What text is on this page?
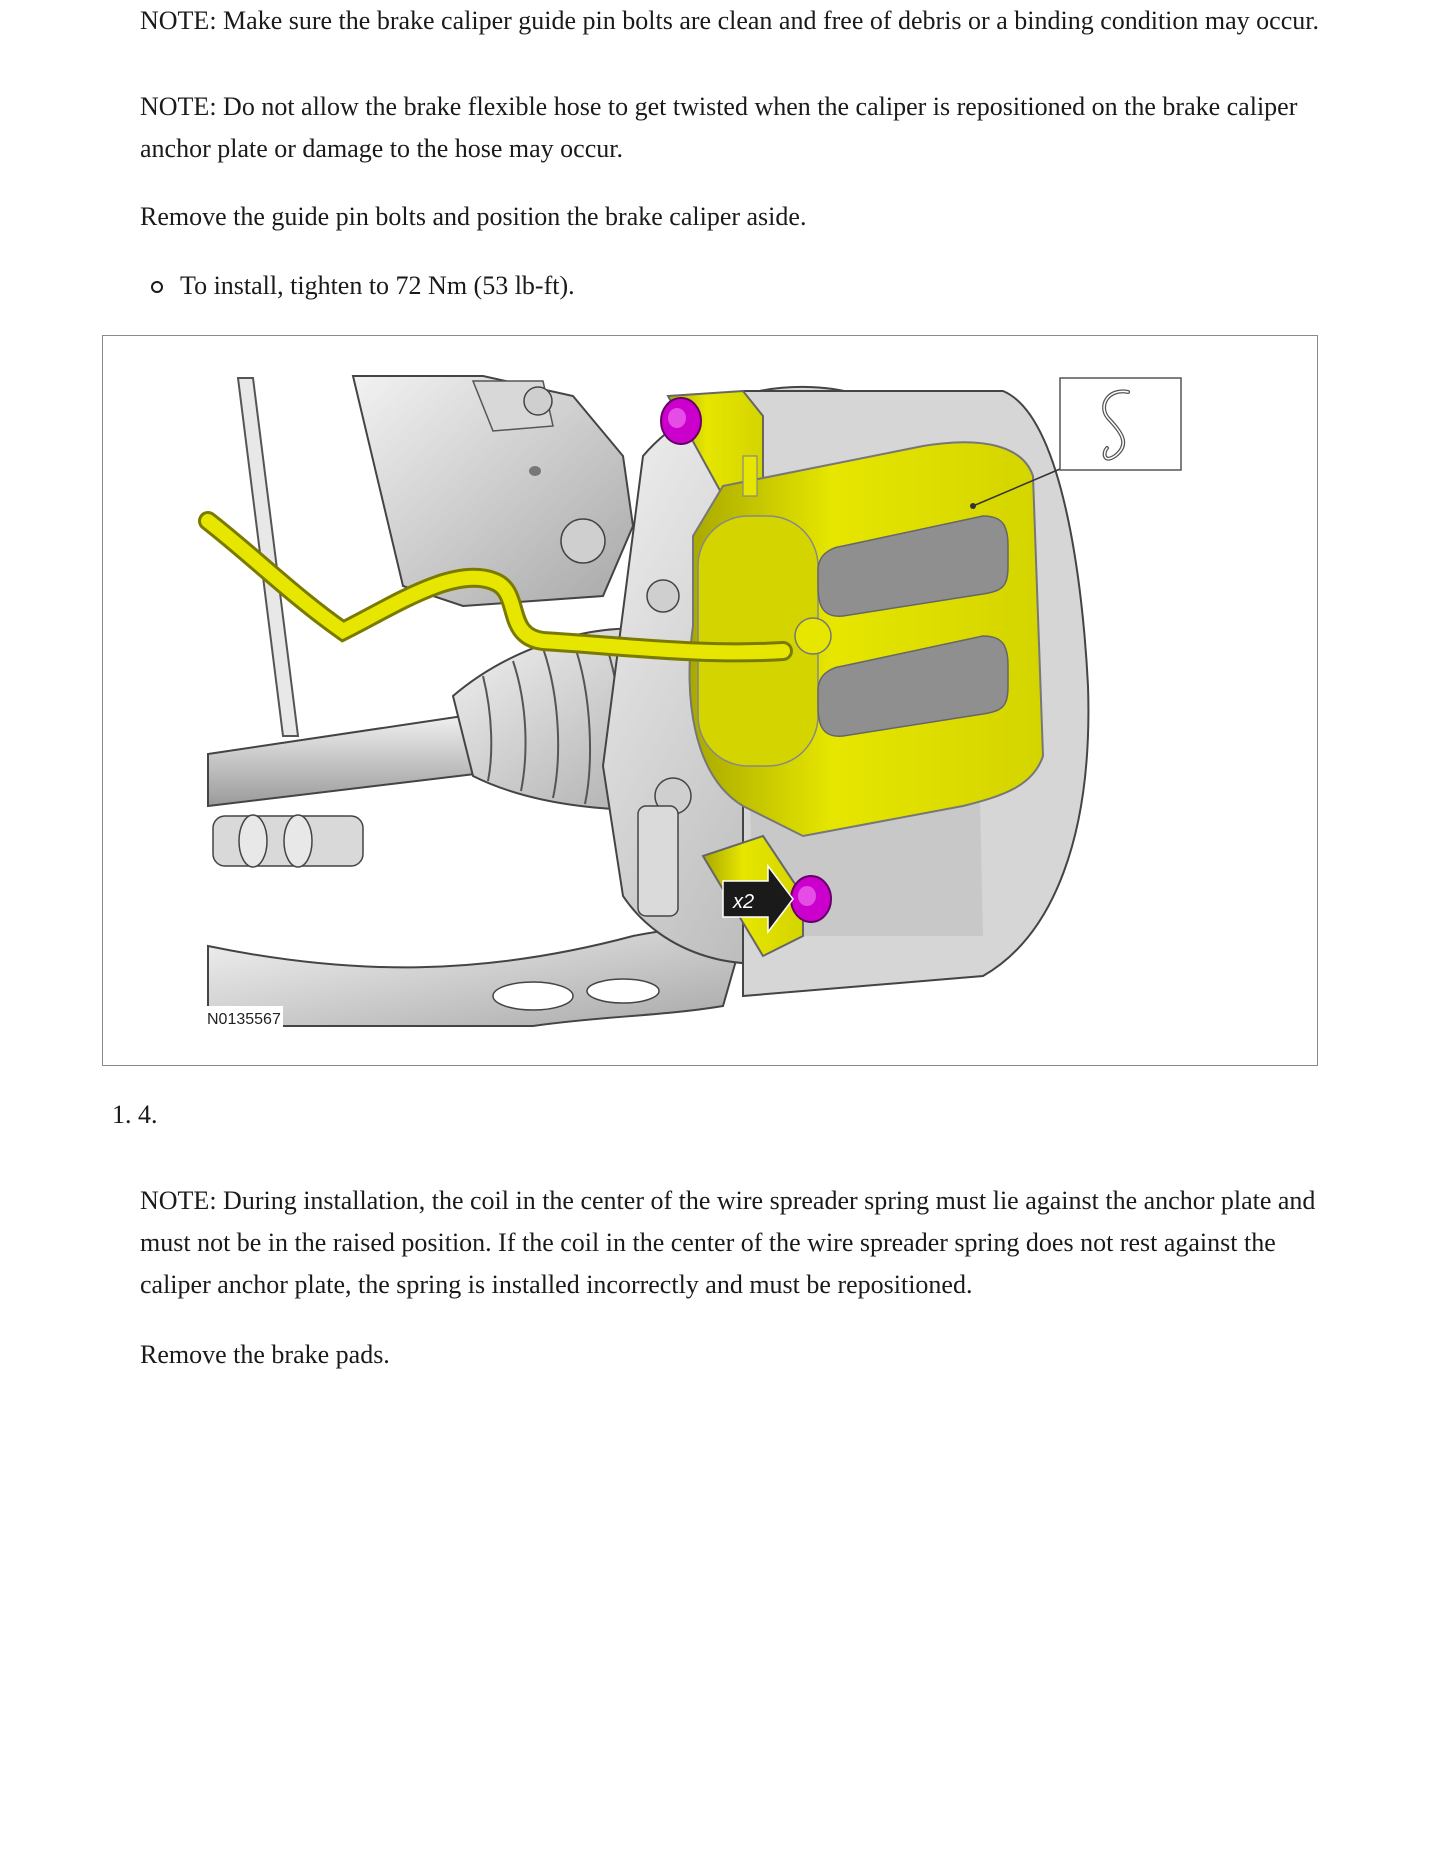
NOTE: Make sure the brake caliper guide pin bolts are clean and free of debris or a binding condition may occur.
NOTE: Do not allow the brake flexible hose to get twisted when the caliper is repositioned on the brake caliper anchor plate or damage to the hose may occur.
Remove the guide pin bolts and position the brake caliper aside.
To install, tighten to 72 Nm (53 lb-ft).
x2
N0135567
1. 4.
NOTE: During installation, the coil in the center of the wire spreader spring must lie against the anchor plate and must not be in the raised position. If the coil in the center of the wire spreader spring does not rest against the caliper anchor plate, the spring is installed incorrectly and must be repositioned.
Remove the brake pads.
